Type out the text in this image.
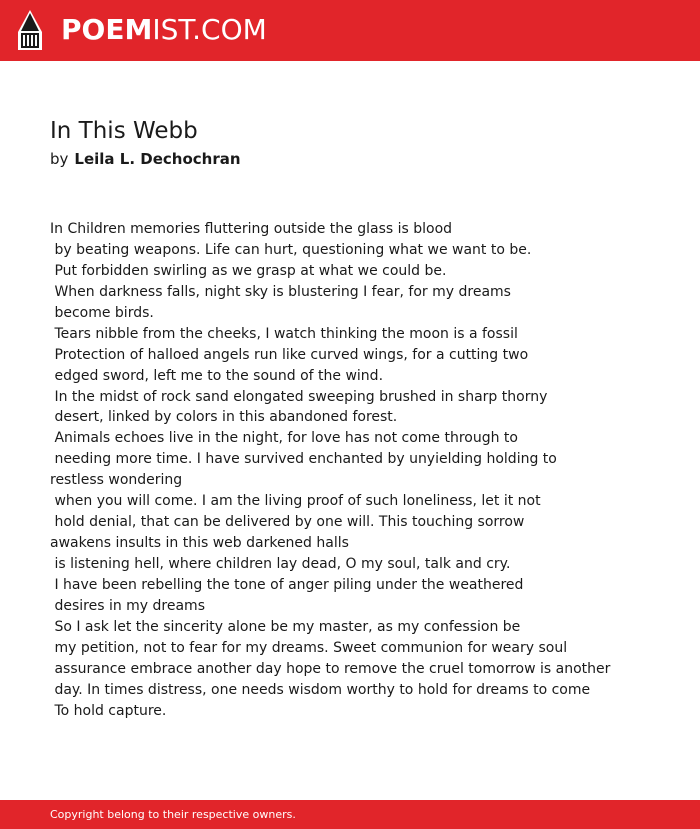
POEMIST.COM
In This Webb
by Leila L. Dechochran
In Children memories fluttering outside the glass is blood
by beating weapons. Life can hurt, questioning what we want to be.
Put forbidden swirling as we grasp at what we could be.
When darkness falls, night sky is blustering I fear, for my dreams
become birds.
Tears nibble from the cheeks, I watch thinking the moon is a fossil
Protection of halloed angels run like curved wings, for a cutting two
edged sword, left me to the sound of the wind.
In the midst of rock sand elongated sweeping brushed in sharp thorny
desert, linked by colors in this abandoned forest.
Animals echoes live in the night, for love has not come through to
needing more time. I have survived enchanted by unyielding holding to
restless wondering
when you will come. I am the living proof of such loneliness, let it not
hold denial, that can be delivered by one will. This touching sorrow
awakens insults in this web darkened halls
is listening hell, where children lay dead, O my soul, talk and cry.
I have been rebelling the tone of anger piling under the weathered
desires in my dreams
So I ask let the sincerity alone be my master, as my confession be
my petition, not to fear for my dreams. Sweet communion for weary soul
assurance embrace another day hope to remove the cruel tomorrow is another
day. In times distress, one needs wisdom worthy to hold for dreams to come
To hold capture.
Copyright belong to their respective owners.
